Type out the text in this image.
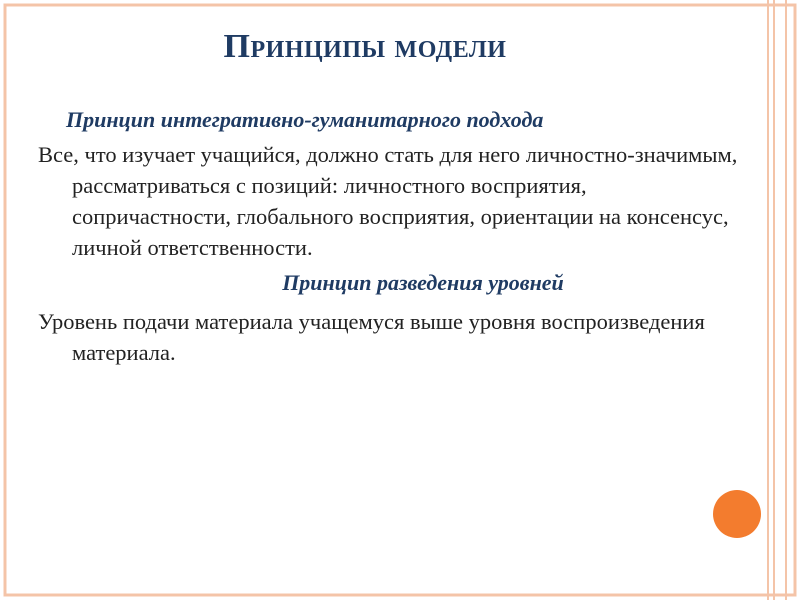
Принципы модели

Принцип интегративно-гуманитарного подхода

Все, что изучает учащийся, должно стать для него личностно-значимым, рассматриваться с позиций: личностного восприятия, сопричастности, глобального восприятия, ориентации на консенсус, личной ответственности.

Принцип разведения уровней

Уровень подачи материала учащемуся выше уровня воспроизведения материала.
